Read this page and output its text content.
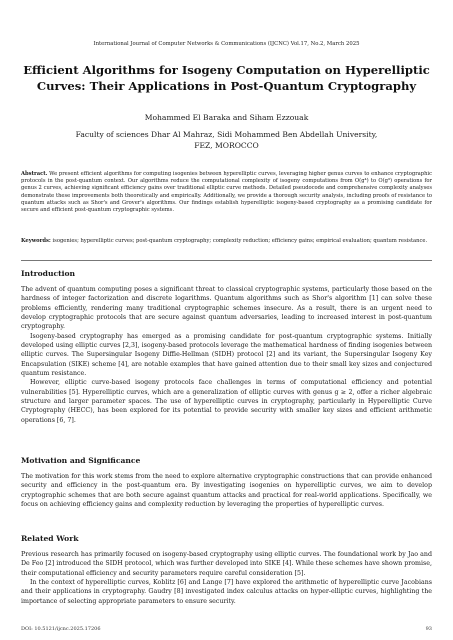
International Journal of Computer Networks & Communications (IJCNC) Vol.17, No.2, March 2025
Efficient Algorithms for Isogeny Computation on Hyperelliptic Curves: Their Applications in Post-Quantum Cryptography
Mohammed El Baraka and Siham Ezzouak
Faculty of sciences Dhar Al Mahraz, Sidi Mohammed Ben Abdellah University,
FEZ, MOROCCO
Abstract. We present efficient algorithms for computing isogenies between hyperelliptic curves, leveraging higher genus curves to enhance cryptographic protocols in the post-quantum context. Our algorithms reduce the computational complexity of isogeny computations from O(g⁴) to O(g³) operations for genus 2 curves, achieving significant efficiency gains over traditional elliptic curve methods. Detailed pseudocode and comprehensive complexity analyses demonstrate these improvements both theoretically and empirically. Additionally, we provide a thorough security analysis, including proofs of resistance to quantum attacks such as Shor's and Grover's algorithms. Our findings establish hyperelliptic isogeny-based cryptography as a promising candidate for secure and efficient post-quantum cryptographic systems.
Keywords: isogenies; hyperelliptic curves; post-quantum cryptography; complexity reduction; efficiency gains; empirical evaluation; quantum resistance.
Introduction

The advent of quantum computing poses a significant threat to classical cryptographic systems, particularly those based on the hardness of integer factorization and discrete logarithms. Quantum algorithms such as Shor's algorithm [1] can solve these problems efficiently, rendering many traditional cryptographic schemes insecure. As a result, there is an urgent need to develop cryptographic protocols that are secure against quantum adversaries, leading to increased interest in post-quantum cryptography.

Isogeny-based cryptography has emerged as a promising candidate for post-quantum cryptographic systems. Initially developed using elliptic curves [2,3], isogeny-based protocols leverage the mathematical hardness of finding isogenies between elliptic curves. The Supersingular Isogeny Diffie-Hellman (SIDH) protocol [2] and its variant, the Supersingular Isogeny Key Encapsulation (SIKE) scheme [4], are notable examples that have gained attention due to their small key sizes and conjectured quantum resistance.

However, elliptic curve-based isogeny protocols face challenges in terms of computational efficiency and potential vulnerabilities [5]. Hyperelliptic curves, which are a generalization of elliptic curves with genus g ≥ 2, offer a richer algebraic structure and larger parameter spaces. The use of hyperelliptic curves in cryptography, particularly in Hyperelliptic Curve Cryptography (HECC), has been explored for its potential to provide security with smaller key sizes and efficient arithmetic operations [6, 7].

Motivation and Significance

The motivation for this work stems from the need to explore alternative cryptographic constructions that can provide enhanced security and efficiency in the post-quantum era. By investigating isogenies on hyperelliptic curves, we aim to develop cryptographic schemes that are both secure against quantum attacks and practical for real-world applications. Specifically, we focus on achieving efficiency gains and complexity reduction by leveraging the properties of hyperelliptic curves.

Related Work

Previous research has primarily focused on isogeny-based cryptography using elliptic curves. The foundational work by Jao and De Feo [2] introduced the SIDH protocol, which was further developed into SIKE [4]. While these schemes have shown promise, their computational efficiency and security parameters require careful consideration [5].

In the context of hyperelliptic curves, Koblitz [6] and Lange [7] have explored the arithmetic of hyperelliptic curve Jacobians and their applications in cryptography. Gaudry [8] investigated index calculus attacks on hyper-elliptic curves, highlighting the importance of selecting appropriate parameters to ensure security.

DOI: 10.5121/ijcnc.2025.17206	93
